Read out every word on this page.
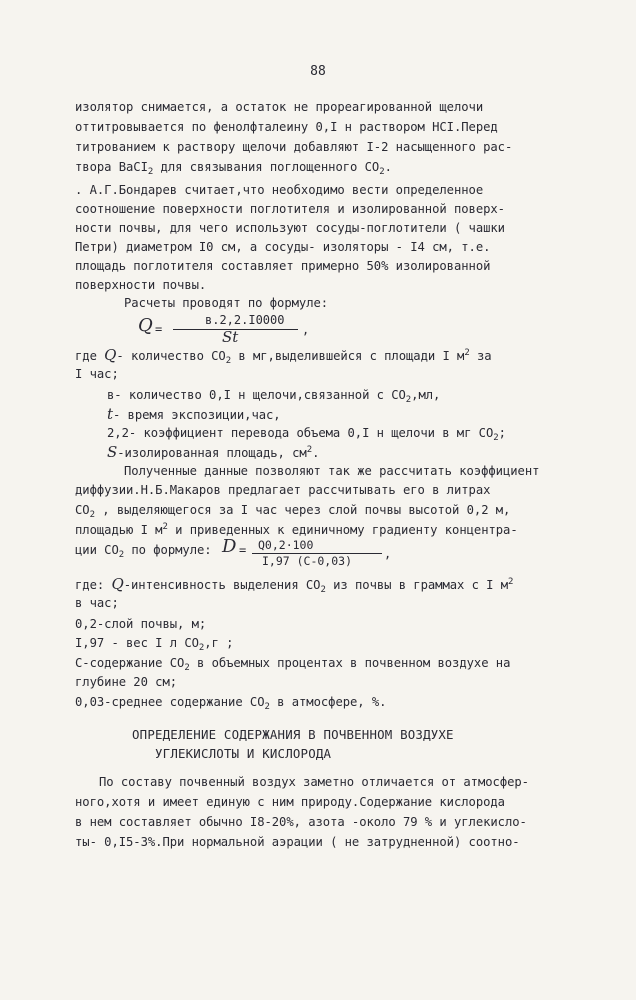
88
изолятор снимается, а остаток не прореагированной щелочи
оттитровывается по фенолфталеину 0,I н раствором HCI.Перед
титрованием к раствору щелочи добавляют I-2 насыщенного рас-
твора BaCI$_2$ для связывания поглощенного $CO_2$.
. А.Г.Бондарев считает,что необходимо вести определенное
соотношение поверхности поглотителя и изолированной поверх-
ности почвы, для чего используют сосуды-поглотители ( чашки
Петри) диаметром I0 см, а сосуды- изоляторы - I4 см, т.е.
площадь поглотителя составляет примерно 50% изолированной
поверхности почвы.
Расчеты проводят по формуле:
Q =
в.2,2.I0000
St	,
где Q- количество $CO_2$ в мг,выделившейся с площади I $м^2$ за
I час;
в- количество 0,I н щелочи,связанной с $CO_2,мл$,
t- время экспозиции,час,
2,2- коэффициент перевода объема 0,I н щелочи в мг $CO_2$;
S-изолированная площадь, $см^2$.
Полученные данные позволяют так же рассчитать коэффициент
диффузии.Н.Б.Макаров предлагает рассчитывать его в литрах
$CO_2$ , выделяющегося за I час через слой почвы высотой 0,2 м,
площадью I $м^2$ и приведенных к единичному градиенту концентра-
ции $CO_2$ по формуле: D = Q0,2·100
I,97 (C-0,03)	,
где: Q-интенсивность выделения $CO_2$ из почвы в граммах с I $м^2$
в час;
0,2-слой почвы, м;
I,97 - вес I л $CO_2,г$ ;
C-содержание $CO_2$ в объемных процентах в почвенном воздухе на
глубине 20 см;
0,03-среднее содержание $CO_2$ в атмосфере, %.
ОПРЕДЕЛЕНИЕ СОДЕРЖАНИЯ В ПОЧВЕННОМ ВОЗДУХЕ
УГЛЕКИСЛОТЫ И КИСЛОРОДА
По составу почвенный воздух заметно отличается от атмосфер-
ного,хотя и имеет единую с ним природу.Содержание кислорода
в нем составляет обычно I8-20%, азота -около 79 % и углекисло-
ты- 0,I5-3%.При нормальной аэрации ( не затрудненной) соотно-
